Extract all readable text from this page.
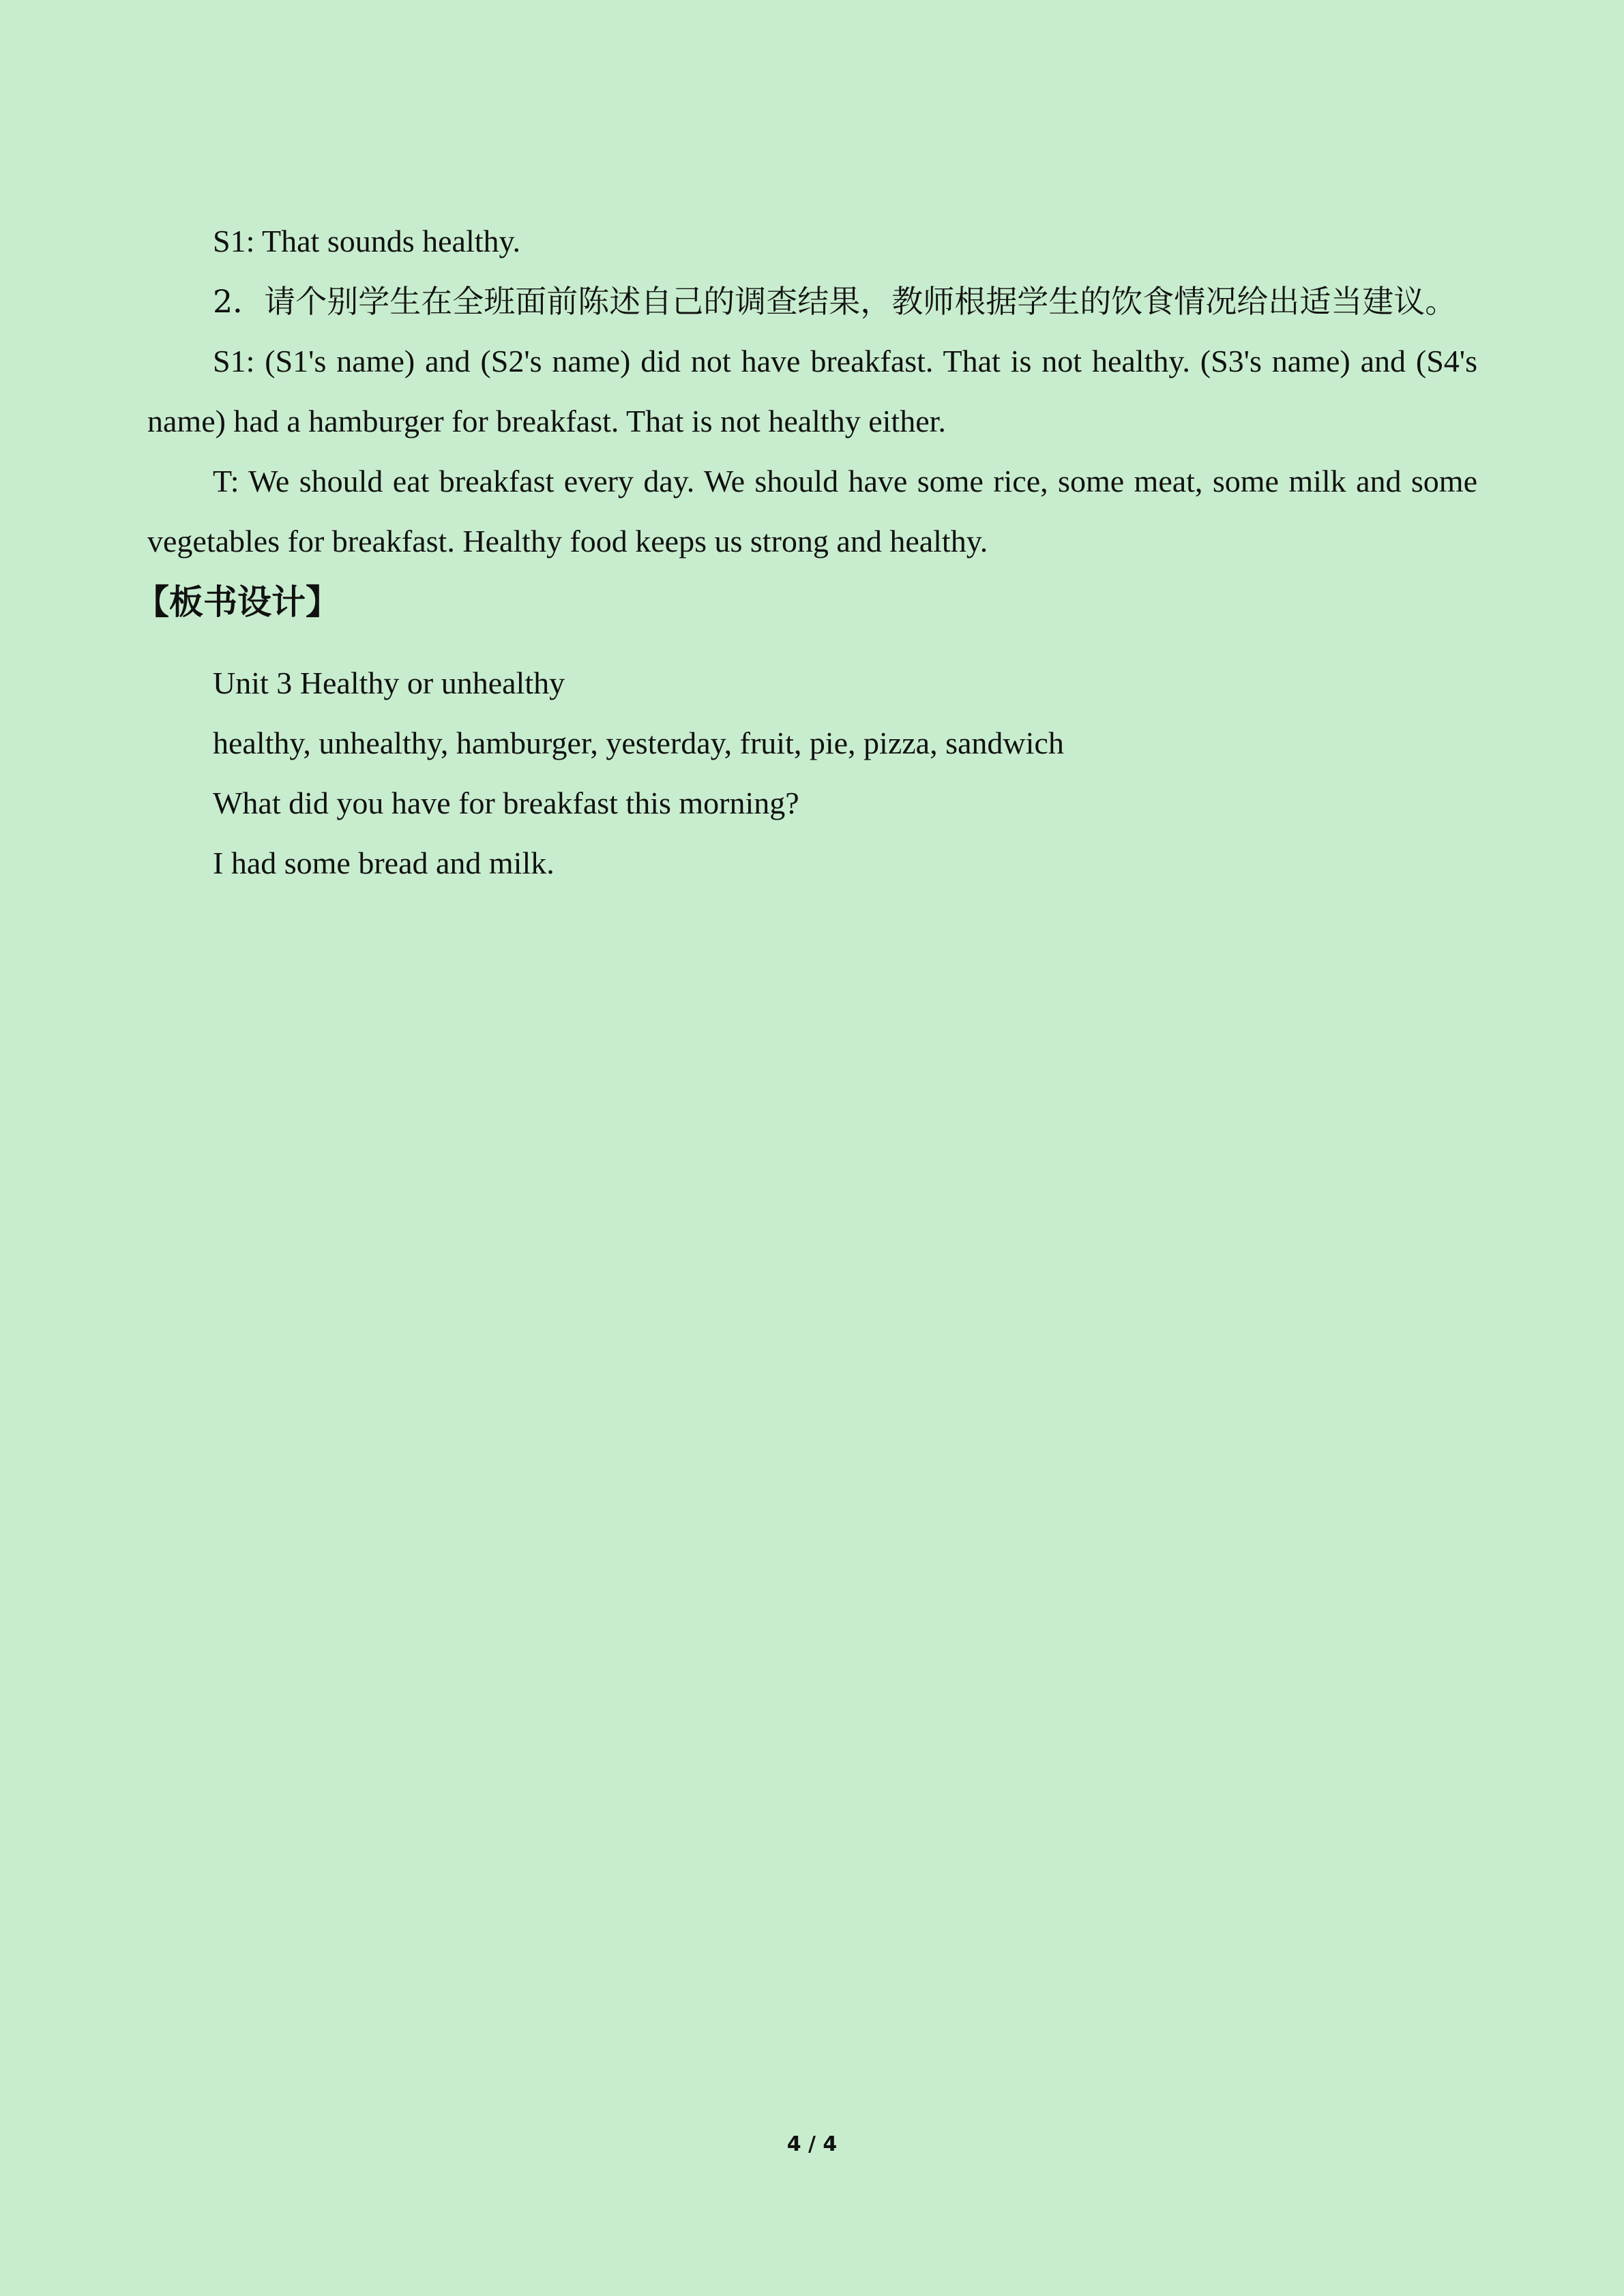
S1: That sounds healthy.

2．请个别学生在全班面前陈述自己的调查结果，教师根据学生的饮食情况给出适当建议。

S1: (S1's name) and (S2's name) did not have breakfast. That is not healthy. (S3's name) and (S4's name) had a hamburger for breakfast. That is not healthy either.

T: We should eat breakfast every day. We should have some rice, some meat, some milk and some vegetables for breakfast. Healthy food keeps us strong and healthy.

【板书设计】
Unit 3 Healthy or unhealthy
healthy, unhealthy, hamburger, yesterday, fruit, pie, pizza, sandwich
What did you have for breakfast this morning?
I had some bread and milk.
4 / 4
